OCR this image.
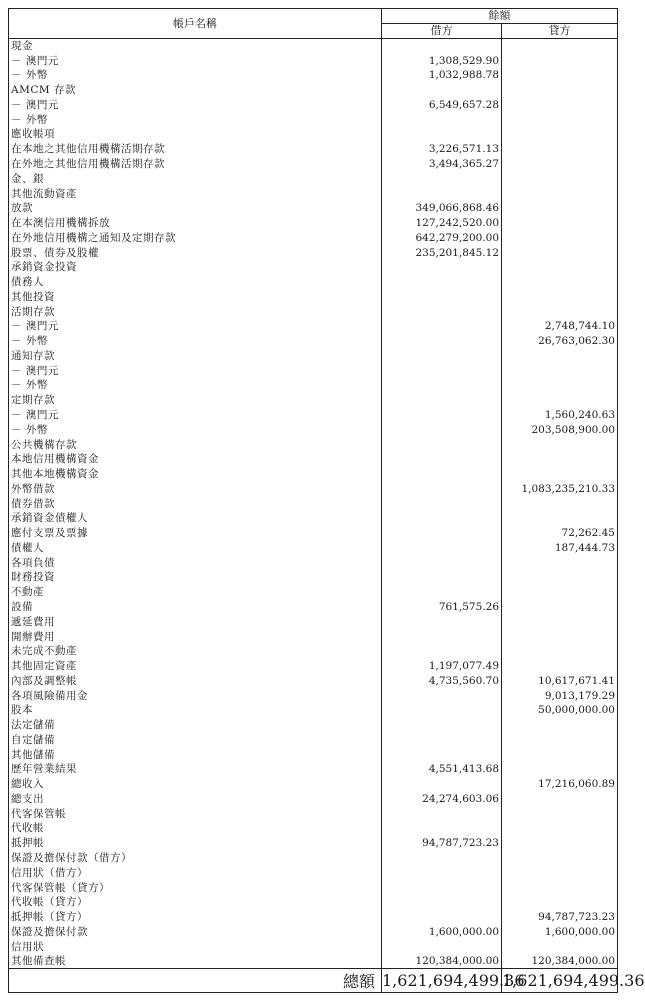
帳戶名稱	餘額	
	借方	貸方
現金		
－ 澳門元	1,308,529.90	
－ 外幣	1,032,988.78	
AMCM 存款		
－ 澳門元	6,549,657.28	
－ 外幣		
應收帳項		
在本地之其他信用機構活期存款	3,226,571.13	
在外地之其他信用機構活期存款	3,494,365.27	
金、銀		
其他流動資產		
放款	349,066,868.46	
在本澳信用機構拆放	127,242,520.00	
在外地信用機構之通知及定期存款	642,279,200.00	
股票、債券及股權	235,201,845.12	
承銷資金投資		
債務人		
其他投資		
活期存款		
－ 澳門元		2,748,744.10
－ 外幣		26,763,062.30
通知存款		
－ 澳門元		
－ 外幣		
定期存款		
－ 澳門元		1,560,240.63
－ 外幣		203,508,900.00
公共機構存款		
本地信用機構資金		
其他本地機構資金		
外幣借款		1,083,235,210.33
債券借款		
承銷資金債權人		
應付支票及票據		72,262.45
債權人		187,444.73
各項負債		
財務投資		
不動產		
設備	761,575.26	
遞延費用		
開辦費用		
未完成不動產		
其他固定資產	1,197,077.49	
內部及調整帳	4,735,560.70	10,617,671.41
各項風險備用金		9,013,179.29
股本		50,000,000.00
法定儲備		
自定儲備		
其他儲備		
歷年營業結果	4,551,413.68	
總收入		17,216,060.89
總支出	24,274,603.06	
代客保管帳		
代收帳		
抵押帳	94,787,723.23	
保證及擔保付款（借方）		
信用狀（借方）		
代客保管帳（貸方）		
代收帳（貸方）		
抵押帳（貸方）		94,787,723.23
保證及擔保付款	1,600,000.00	1,600,000.00
信用狀		
其他備查帳	120,384,000.00	120,384,000.00
總額	1,621,694,499.36	1,621,694,499.36
